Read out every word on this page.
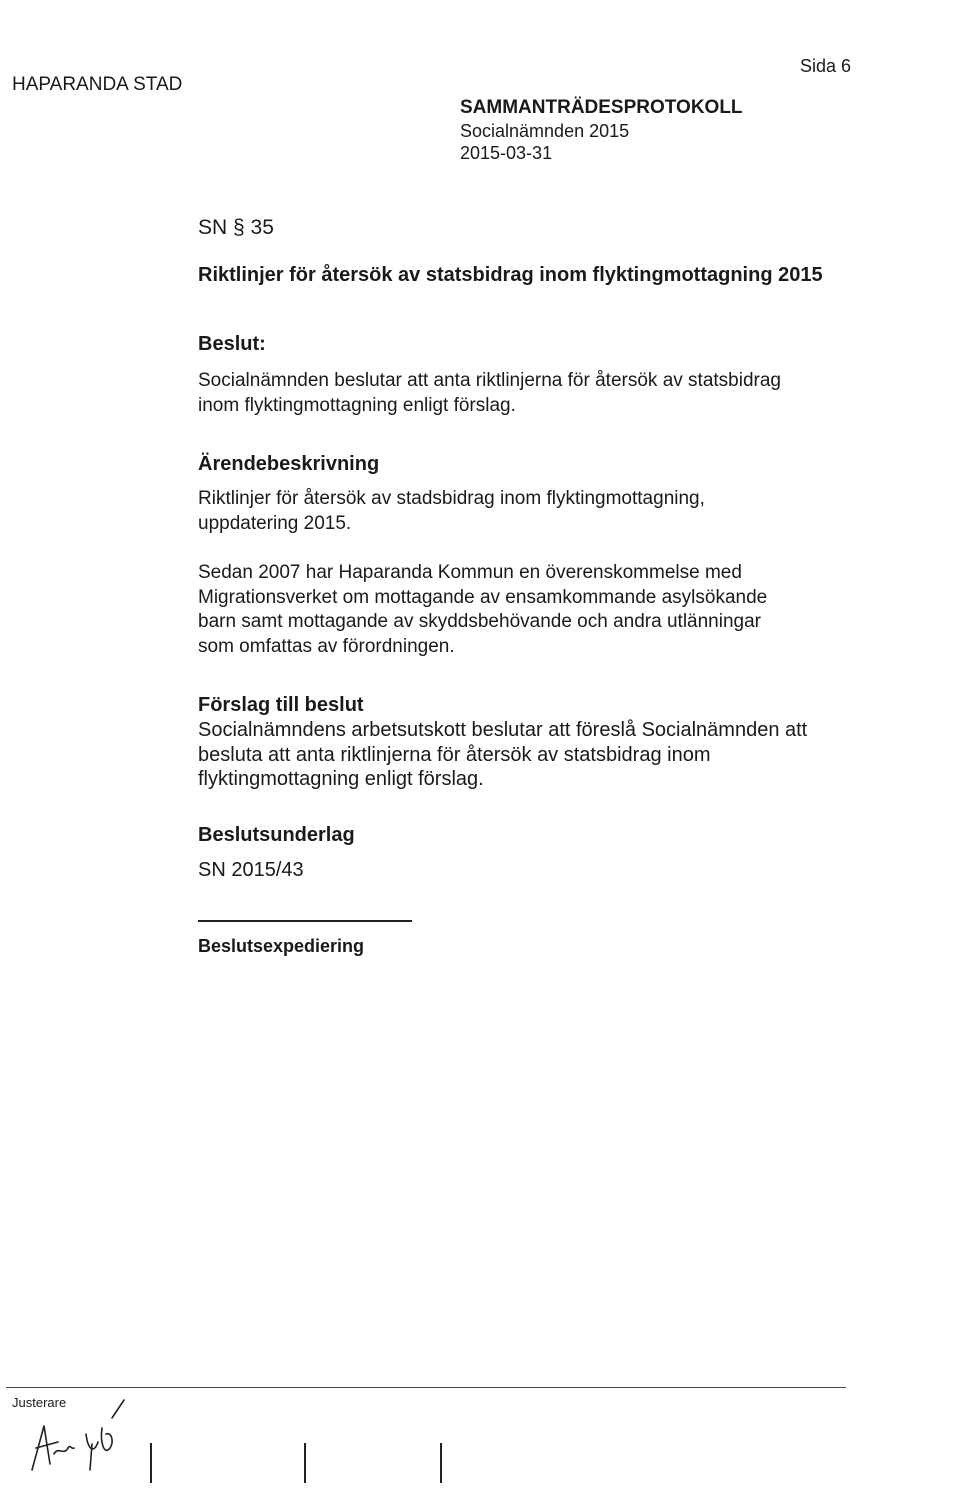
HAPARANDA STAD
Sida 6
SAMMANTRÄDESPROTOKOLL
Socialnämnden 2015
2015-03-31
SN § 35
Riktlinjer för återsök av statsbidrag inom flyktingmottagning 2015
Beslut:
Socialnämnden beslutar att anta riktlinjerna för återsök av statsbidrag
inom flyktingmottagning enligt förslag.
Ärendebeskrivning
Riktlinjer för återsök av stadsbidrag inom flyktingmottagning,
uppdatering 2015.
Sedan 2007 har Haparanda Kommun en överenskommelse med
Migrationsverket om mottagande av ensamkommande asylsökande
barn samt mottagande av skyddsbehövande och andra utlänningar
som omfattas av förordningen.
Förslag till beslut
Socialnämndens arbetsutskott beslutar att föreslå Socialnämnden att
besluta att anta riktlinjerna för återsök av statsbidrag inom
flyktingmottagning enligt förslag.
Beslutsunderlag
SN 2015/43
Beslutsexpediering
Justerare
